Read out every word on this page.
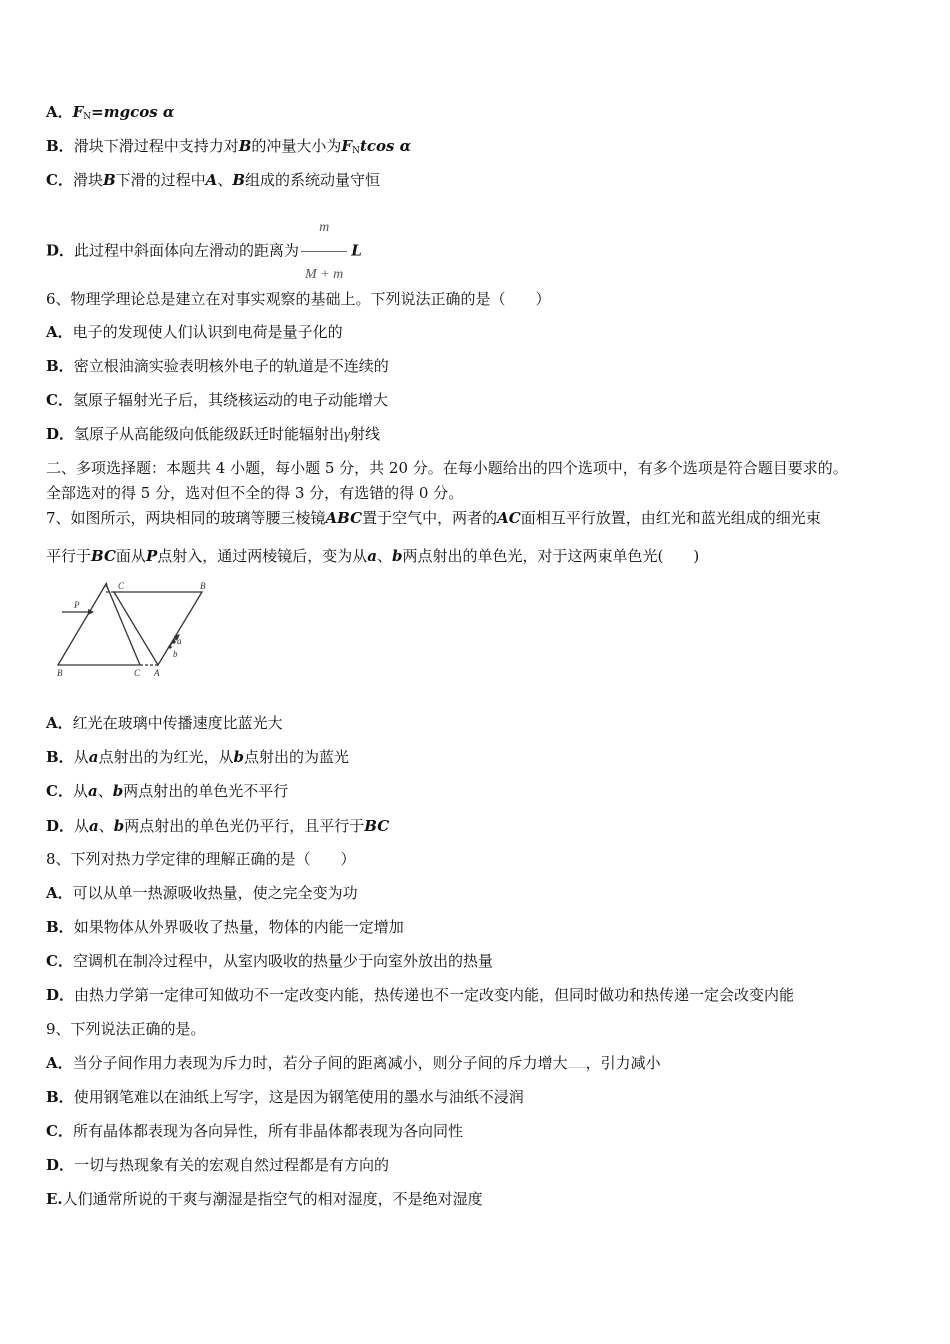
A．$F_N=mgcos$ α
B．滑块下滑过程中支持力对B的冲量大小为$F_Ntcos$ α
C．滑块B下滑的过程中A、B组成的系统动量守恒
D．此过程中斜面体向左滑动的距离为 $\frac{m}{M + m}$ L
6、物理学理论总是建立在对事实观察的基础上。下列说法正确的是（　　）
A．电子的发现使人们认识到电荷是量子化的
B．密立根油滴实验表明核外电子的轨道是不连续的
C．氢原子辐射光子后，其绕核运动的电子动能增大
D．氢原子从高能级向低能级跃迁时能辐射出γ射线
二、多项选择题：本题共 4 小题，每小题 5 分，共 20 分。在每小题给出的四个选项中，有多个选项是符合题目要求的。
全部选对的得 5 分，选对但不全的得 3 分，有选错的得 0 分。
7、如图所示，两块相同的玻璃等腰三棱镜ABC置于空气中，两者的AC面相互平行放置，由红光和蓝光组成的细光束
平行于BC面从P点射入，通过两棱镜后，变为从a、b两点射出的单色光，对于这两束单色光(　　)
P
A C	B
B	C A
a
b
A．红光在玻璃中传播速度比蓝光大
B．从a点射出的为红光，从b点射出的为蓝光
C．从a、b两点射出的单色光不平行
D．从a、b两点射出的单色光仍平行，且平行于BC
8、下列对热力学定律的理解正确的是（　　）
A．可以从单一热源吸收热量，使之完全变为功
B．如果物体从外界吸收了热量，物体的内能一定增加
C．空调机在制冷过程中，从室内吸收的热量少于向室外放出的热量
D．由热力学第一定律可知做功不一定改变内能，热传递也不一定改变内能，但同时做功和热传递一定会改变内能
9、下列说法正确的是。
A．当分子间作用力表现为斥力时，若分子间的距离减小，则分子间的斥力增大 ，引力减小
B．使用钢笔难以在油纸上写字，这是因为钢笔使用的墨水与油纸不浸润
C．所有晶体都表现为各向异性，所有非晶体都表现为各向同性
D．一切与热现象有关的宏观自然过程都是有方向的
E.人们通常所说的干爽与潮湿是指空气的相对湿度，不是绝对湿度
